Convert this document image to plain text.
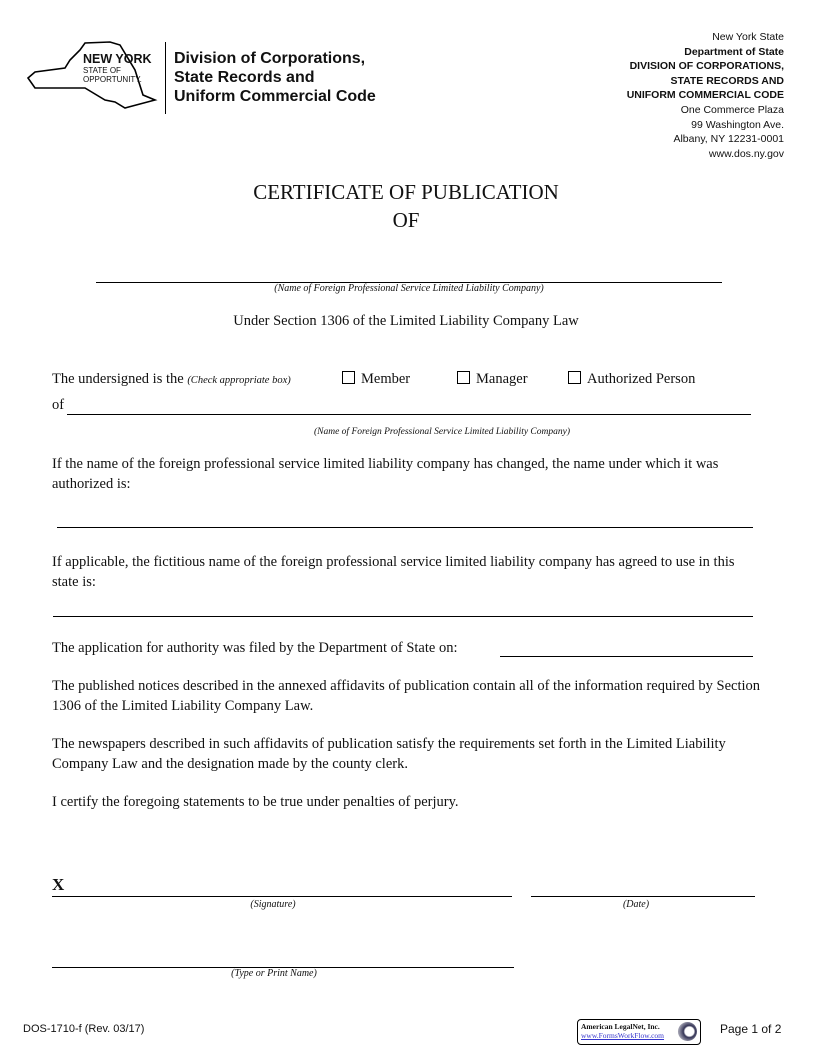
NEW YORK
STATE OF
OPPORTUNITY.
Division of Corporations,
State Records and
Uniform Commercial Code
New York State
Department of State
DIVISION OF CORPORATIONS,
STATE RECORDS AND
UNIFORM COMMERCIAL CODE
One Commerce Plaza
99 Washington Ave.
Albany, NY 12231-0001
www.dos.ny.gov
CERTIFICATE OF PUBLICATION
OF
(Name of Foreign Professional Service Limited Liability Company)
Under Section 1306 of the Limited Liability Company Law
The undersigned is the (Check appropriate box)	Member	Manager	Authorized Person
of
(Name of Foreign Professional Service Limited Liability Company)
If the name of the foreign professional service limited liability company has changed, the name under which it was authorized is:
If applicable, the fictitious name of the foreign professional service limited liability company has agreed to use in this state is:
The application for authority was filed by the Department of State on:
The published notices described in the annexed affidavits of publication contain all of the information required by Section 1306 of the Limited Liability Company Law.
The newspapers described in such affidavits of publication satisfy the requirements set forth in the Limited Liability Company Law and the designation made by the county clerk.
I certify the foregoing statements to be true under penalties of perjury.
X
(Signature)	(Date)
(Type or Print Name)
DOS-1710-f (Rev. 03/17)	American LegalNet, Inc.
www.FormsWorkFlow.com	Page 1 of 2
